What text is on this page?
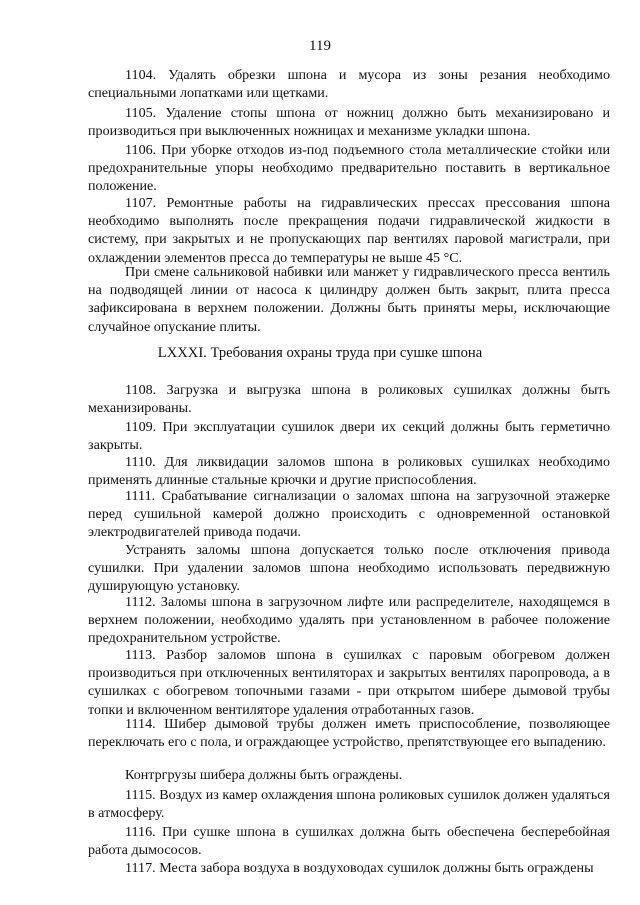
119

1104. Удалять обрезки шпона и мусора из зоны резания необходимо специальными лопатками или щетками.

1105. Удаление стопы шпона от ножниц должно быть механизировано и производиться при выключенных ножницах и механизме укладки шпона.

1106. При уборке отходов из-под подъемного стола металлические стойки или предохранительные упоры необходимо предварительно поставить в вертикальное положение.

1107. Ремонтные работы на гидравлических прессах прессования шпона необходимо выполнять после прекращения подачи гидравлической жидкости в систему, при закрытых и не пропускающих пар вентилях паровой магистрали, при охлаждении элементов пресса до температуры не выше 45 °С.

При смене сальниковой набивки или манжет у гидравлического пресса вентиль на подводящей линии от насоса к цилиндру должен быть закрыт, плита пресса зафиксирована в верхнем положении. Должны быть приняты меры, исключающие случайное опускание плиты.

LXXXI. Требования охраны труда при сушке шпона

1108. Загрузка и выгрузка шпона в роликовых сушилках должны быть механизированы.

1109. При эксплуатации сушилок двери их секций должны быть герметично закрыты.

1110. Для ликвидации заломов шпона в роликовых сушилках необходимо применять длинные стальные крючки и другие приспособления.

1111. Срабатывание сигнализации о заломах шпона на загрузочной этажерке перед сушильной камерой должно происходить с одновременной остановкой электродвигателей привода подачи.

Устранять заломы шпона допускается только после отключения привода сушилки. При удалении заломов шпона необходимо использовать передвижную душирующую установку.

1112. Заломы шпона в загрузочном лифте или распределителе, находящемся в верхнем положении, необходимо удалять при установленном в рабочее положение предохранительном устройстве.

1113. Разбор заломов шпона в сушилках с паровым обогревом должен производиться при отключенных вентиляторах и закрытых вентилях паропровода, а в сушилках с обогревом топочными газами - при открытом шибере дымовой трубы топки и включенном вентиляторе удаления отработанных газов.

1114. Шибер дымовой трубы должен иметь приспособление, позволяющее переключать его с пола, и ограждающее устройство, препятствующее его выпадению.

Контргрузы шибера должны быть ограждены.

1115. Воздух из камер охлаждения шпона роликовых сушилок должен удаляться в атмосферу.

1116. При сушке шпона в сушилках должна быть обеспечена бесперебойная работа дымососов.

1117. Места забора воздуха в воздуховодах сушилок должны быть ограждены
